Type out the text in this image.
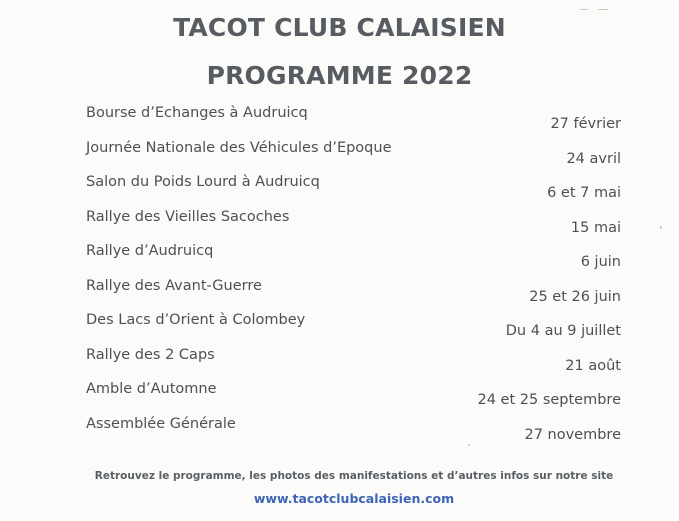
TACOT CLUB CALAISIEN
PROGRAMME 2022
Bourse d’Echanges à Audruicq
27 février
Journée Nationale des Véhicules d’Epoque
24 avril
Salon du Poids Lourd à Audruicq
6 et 7 mai
Rallye des Vieilles Sacoches
15 mai
Rallye d’Audruicq
6 juin
Rallye des Avant-Guerre
25 et 26 juin
Des Lacs d’Orient à Colombey
Du 4 au 9 juillet
Rallye des 2 Caps
21 août
Amble d’Automne
24 et 25 septembre
Assemblée Générale
27 novembre
Retrouvez le programme, les photos des manifestations et d’autres infos sur notre site
www.tacotclubcalaisien.com
